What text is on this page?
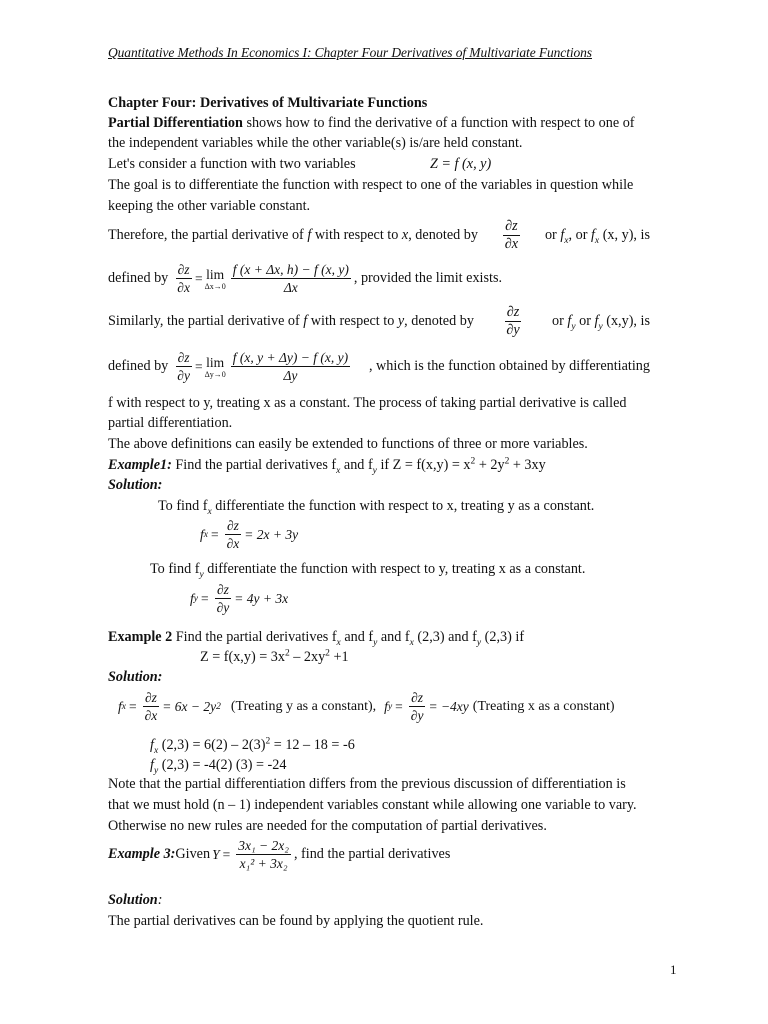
Quantitative Methods In Economics I: Chapter Four Derivatives of Multivariate Functions
Chapter Four: Derivatives of Multivariate Functions
Partial Differentiation shows how to find the derivative of a function with respect to one of
the independent variables while the other variable(s) is/are held constant.
Let's consider a function with two variables	Z = f (x, y)
The goal is to differentiate the function with respect to one of the variables in question while
keeping the other variable constant.
Therefore, the partial derivative of f with respect to x, denoted by $\frac{\partial z}{\partial x}$ or $f_x$, or $f_x$ (x, y), is
defined by $\frac{\partial z}{\partial x} = \lim$
$\Delta x\to 0 \frac{f (x + \Delta x, h) - f (x, y)}{\Delta x}$ , provided the limit exists.
Similarly, the partial derivative of f with respect to y, denoted by $\frac{\partial z}{\partial y}$ or $f_y$ or $f_y$ (x,y), is
defined by $\frac{\partial z}{\partial y} = \lim$
$\Delta y\to 0 \frac{f (x, y + \Delta y) - f (x, y)}{\Delta y}$ , which is the function obtained by differentiating
f with respect to y, treating x as a constant. The process of taking partial derivative is called
partial differentiation.
The above definitions can easily be extended to functions of three or more variables.
Example1: Find the partial derivatives $f_x$ and $f_y$ if $Z = f(x,y) = x^2 + 2y^2 + 3xy$
Solution:
To find $f_x$ differentiate the function with respect to x, treating y as a constant.
f $x = \frac{\partial z}{\partial x} = 2x + 3y$
To find $f_y$ differentiate the function with respect to y, treating x as a constant.
f $y = \frac{\partial z}{\partial y} = 4y + 3x$
Example 2 Find the partial derivatives $f_x$ and $f_y$ and $f_x$ (2,3) and $f_y$ (2,3) if
$Z = f(x,y) = 3x^2 - 2xy^2 +1$
Solution:
f $x = \frac{\partial z}{\partial x} = 6x - 2y$ 2 (Treating y as a constant), f $y = \frac{\partial z}{\partial y} = -4xy$ (Treating x as a constant)
$f_x$ $(2,3) = 6(2) - 2(3)^2 = 12 - 18 = -6$
$f_y$ (2,3) = -4(2) (3) = -24
Note that the partial differentiation differs from the previous discussion of differentiation is
that we must hold (n – 1) independent variables constant while allowing one variable to vary.
Otherwise no new rules are needed for the computation of partial derivatives.
Example 3: Given $Y = \frac{\text{3x₁ − 2x₂}}{\text{x₁² + 3x₂}}$ , find the partial derivatives
Solution:
The partial derivatives can be found by applying the quotient rule.
1
